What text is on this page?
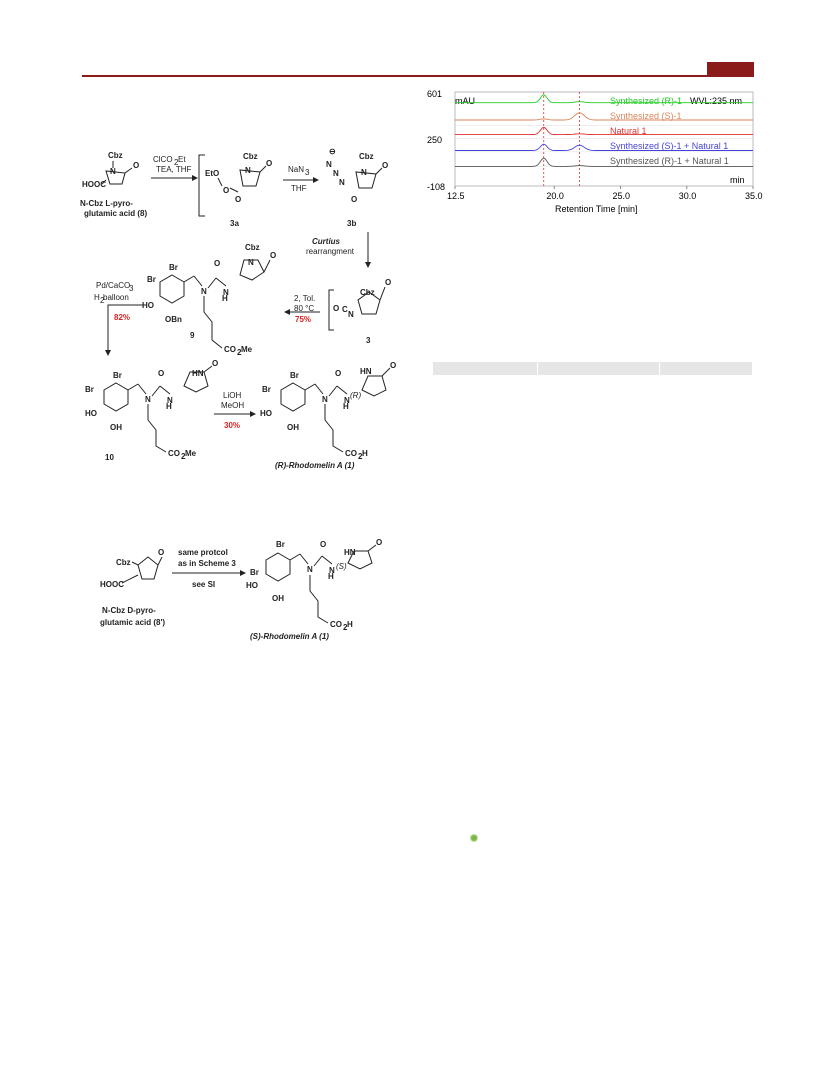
Cbz
N
O
HOOC
N-Cbz L-pyro-
glutamic acid (8)
ClCO 2 Et
TEA, THF EtO
O
Cbz
N
O
O
3a
NaN 3
THF
⊖
N
N
N
Cbz
N
O
O
3b
Curtius
rearrangment
Cbz
N
O
O C
3
2, Tol.
80 °C
75%
Br
Br
N
O
N
H
Cbz
N
O
HO
OBn
CO 2 Me
9
Pd/CaCO
3
H 2
balloon
82%
Br
Br
N
O
N
H
HN
O
HO
OH
CO 2 Me
10
LiOH
MeOH
30%
Br
Br
N
O
N
H
(R)
HN
O
HO
OH
CO 2 H
(R)-Rhodomelin A (1)
Cbz
O
HOOC
N-Cbz D-pyro-
glutamic acid (8')
same protcol
as in Scheme 3
see SI
Br
Br	N
O
N
H
(S)
HN
O
HO
OH
CO 2 H
(S)-Rhodomelin A (1)
601
250
-108
mAU	WVL:235 nm
min
Synthesized (R)-1
Synthesized (S)-1
Natural 1
Synthesized (S)-1 + Natural 1
Synthesized (R)-1 + Natural 1
12.5	20.0	25.0	30.0	35.0
Retention Time [min]
